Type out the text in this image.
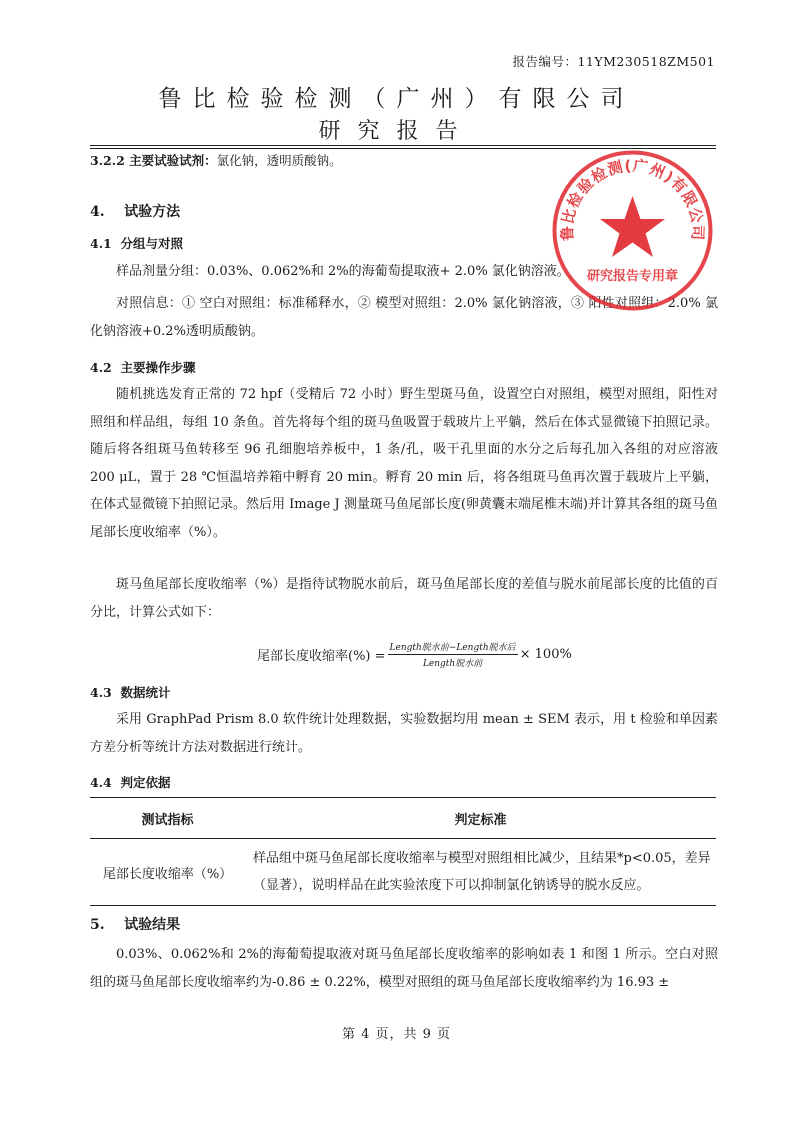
报告编号：11YM230518ZM501
鲁比检验检测（广州）有限公司
研究报告
3.2.2 主要试验试剂：氯化钠，透明质酸钠。
4.    试验方法
4.1  分组与对照

样品剂量分组：0.03%、0.062%和 2%的海葡萄提取液+ 2.0% 氯化钠溶液。

对照信息：① 空白对照组：标准稀释水，② 模型对照组：2.0% 氯化钠溶液，③ 阳性对照组：2.0% 氯化钠溶液+0.2%透明质酸钠。

4.2  主要操作步骤

随机挑选发育正常的 72 hpf（受精后 72 小时）野生型斑马鱼，设置空白对照组，模型对照组，阳性对照组和样品组，每组 10 条鱼。首先将每个组的斑马鱼吸置于载玻片上平躺，然后在体式显微镜下拍照记录。随后将各组斑马鱼转移至 96 孔细胞培养板中，1 条/孔，吸干孔里面的水分之后每孔加入各组的对应溶液 200 μL，置于 28 ℃恒温培养箱中孵育 20 min。孵育 20 min 后，将各组斑马鱼再次置于载玻片上平躺，在体式显微镜下拍照记录。然后用 Image J 测量斑马鱼尾部长度(卵黄囊末端尾椎末端)并计算其各组的斑马鱼尾部长度收缩率（%）。

斑马鱼尾部长度收缩率（%）是指待试物脱水前后，斑马鱼尾部长度的差值与脱水前尾部长度的比值的百分比，计算公式如下：

尾部长度收缩率(%) = $\frac{\text{Length脱水前−Length脱水后}}{\text{Length脱水前}} \times 100\%$
4.3  数据统计

采用 GraphPad Prism 8.0 软件统计处理数据，实验数据均用 mean ± SEM 表示，用 t 检验和单因素方差分析等统计方法对数据进行统计。

4.4  判定依据
测试指标	判定标准
尾部长度收缩率（%）	样品组中斑马鱼尾部长度收缩率与模型对照组相比减少，且结果*p<0.05，差异（显著），说明样品在此实验浓度下可以抑制氯化钠诱导的脱水反应。
5.    试验结果

0.03%、0.062%和 2%的海葡萄提取液对斑马鱼尾部长度收缩率的影响如表 1 和图 1 所示。空白对照组的斑马鱼尾部长度收缩率约为-0.86 ± 0.22%，模型对照组的斑马鱼尾部长度收缩率约为 16.93 ±

第 4 页，共 9 页
鲁比检验检测(广州)有限公司
研究报告专用章
